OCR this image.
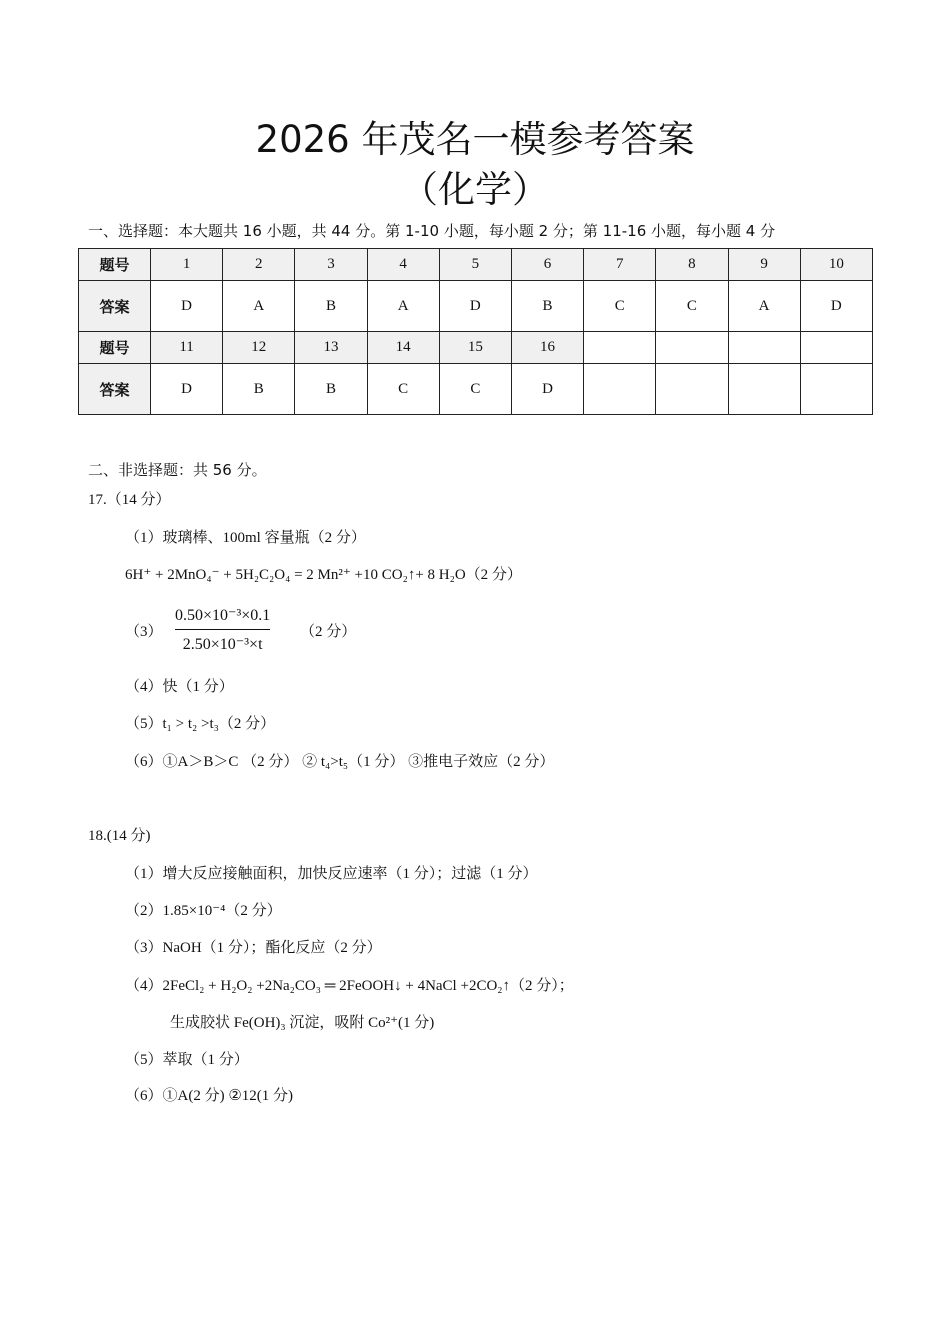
2026 年茂名一模参考答案
（化学）
一、选择题：本大题共 16 小题，共 44 分。第 1-10 小题，每小题 2 分；第 11-16 小题，每小题 4 分
题号	1	2	3	4	5	6	7	8	9	10
答案	D	A	B	A	D	B	C	C	A	D
题号	11	12	13	14	15	16				
答案	D	B	B	C	C	D				
二、非选择题：共 56 分。
17.（14 分）
（1）玻璃棒、100ml 容量瓶（2 分）
6H⁺ + 2MnO₄⁻ + 5H₂C₂O₄ = 2 Mn²⁺ +10 CO₂↑+ 8 H₂O（2 分）
（3）
0.50×10⁻³×0.1
2.50×10⁻³×t
（2 分）
（4）快（1 分）
（5）t₁ > t₂ >t₃（2 分）
（6）①A＞B＞C （2 分） ② t₄>t₅（1 分） ③推电子效应（2 分）
18.(14 分)
（1）增大反应接触面积，加快反应速率（1 分）；过滤（1 分）
（2）1.85×10⁻⁴（2 分）
（3）NaOH（1 分）；酯化反应（2 分）
（4）2FeCl₂ + H₂O₂ +2Na₂CO₃ ═ 2FeOOH↓ + 4NaCl +2CO₂↑（2 分）；
生成胶状 Fe(OH)₃ 沉淀，吸附 Co²⁺(1 分)
（5）萃取（1 分）
（6）①A(2 分) ②12(1 分)
